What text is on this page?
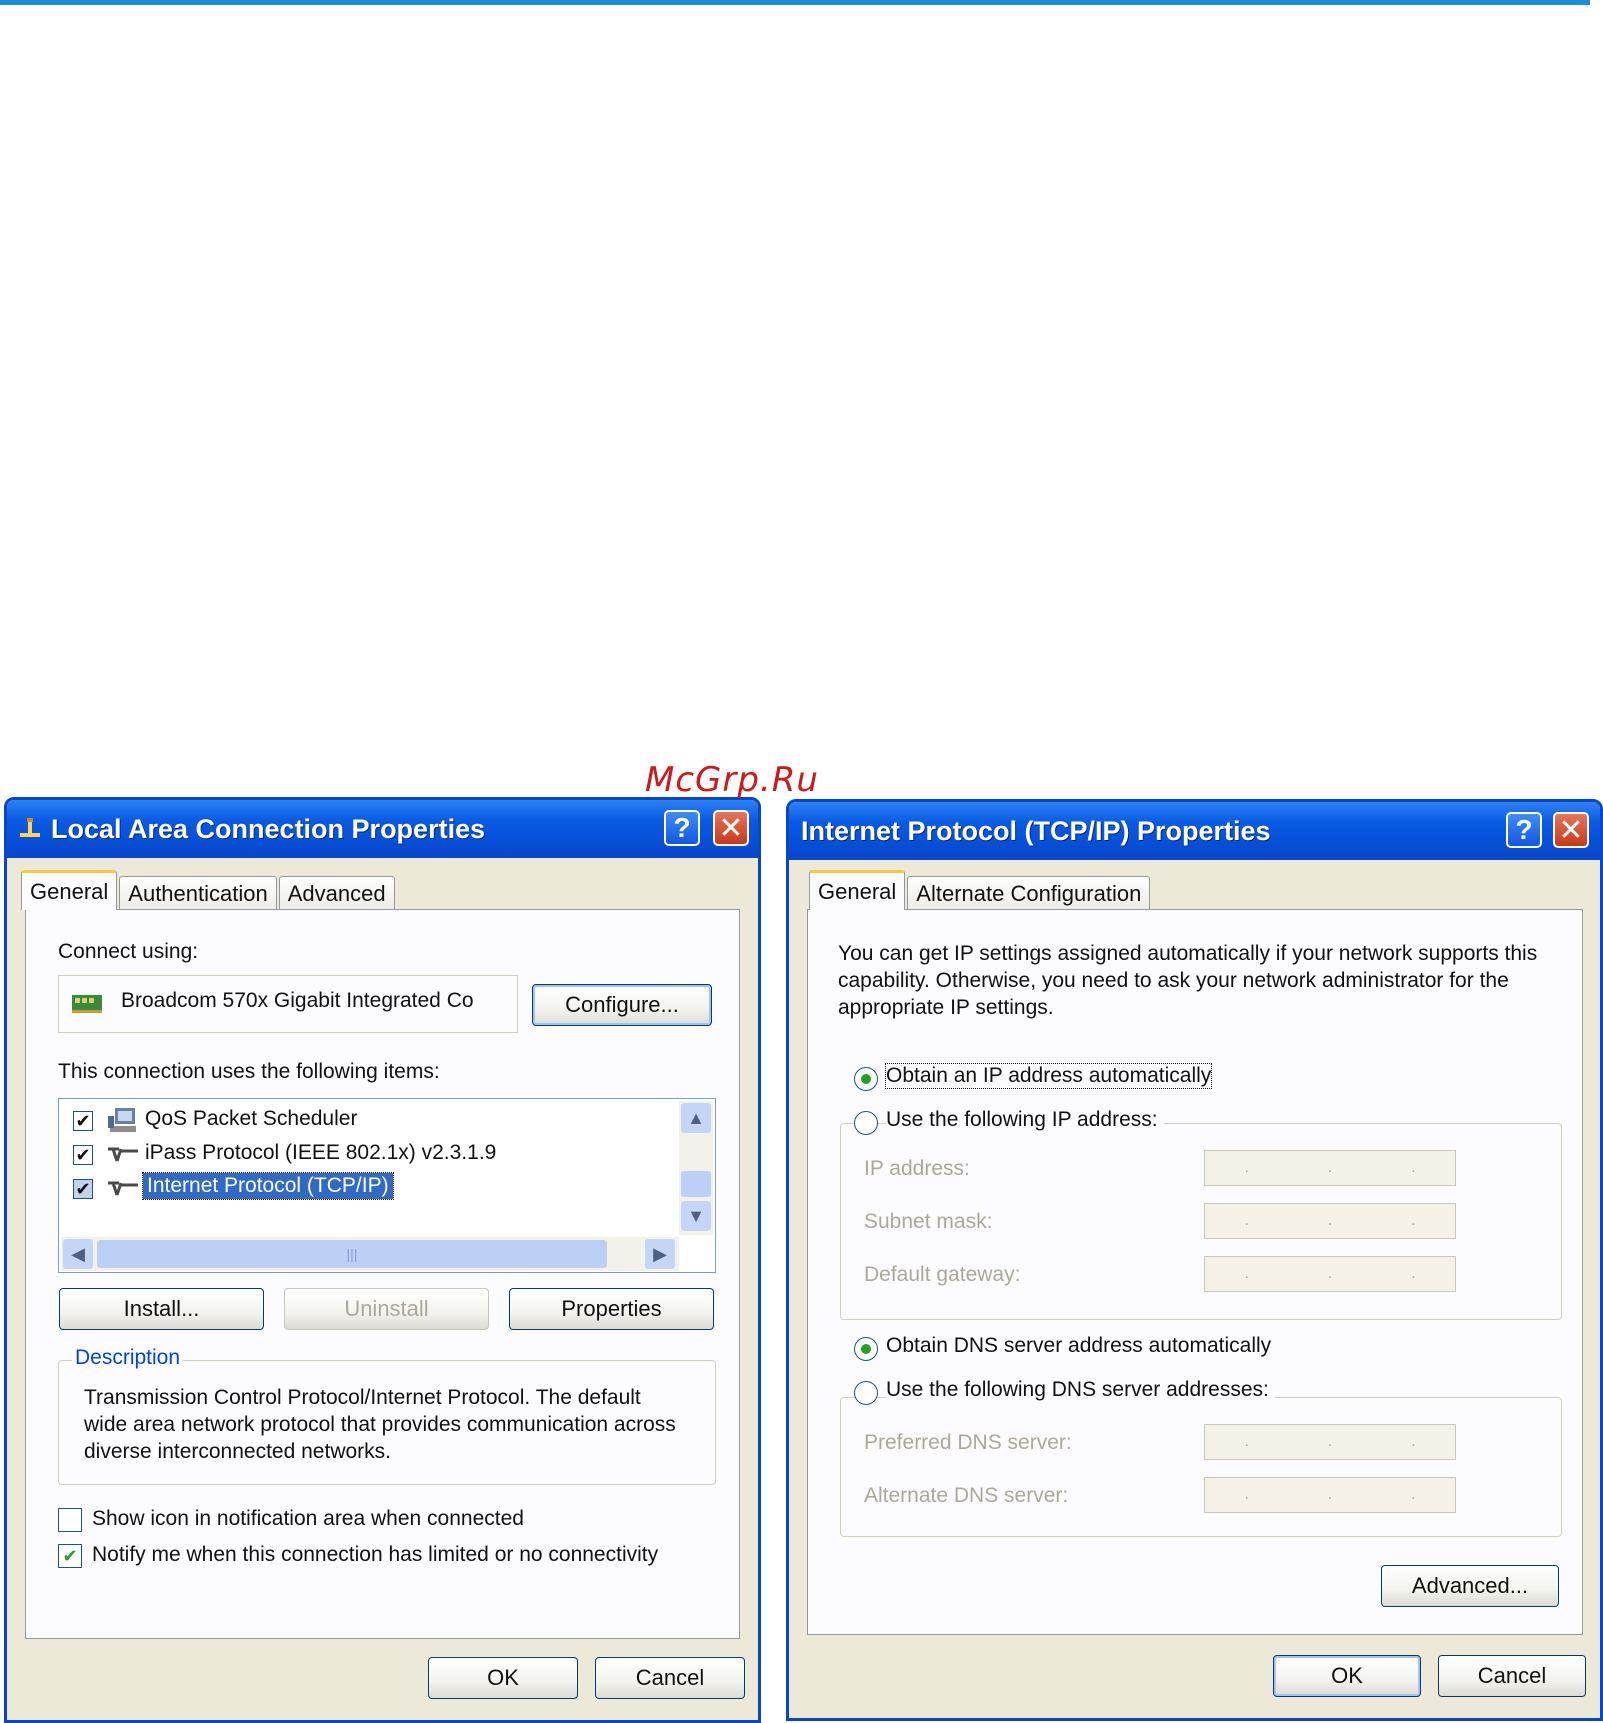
Local Area Connection Properties	? ✕
General Authentication Advanced
Connect using:
Broadcom 570x Gigabit Integrated Co	Configure...
This connection uses the following items:
✔	QoS Packet Scheduler
✔	iPass Protocol (IEEE 802.1x) v2.3.1.9
✔	Internet Protocol (TCP/IP)
▲
▼
◀	|||	▶
Install...	Uninstall	Properties
Description
Transmission Control Protocol/Internet Protocol. The default wide area network protocol that provides communication across diverse interconnected networks.
Show icon in notification area when connected
✔ Notify me when this connection has limited or no connectivity
OK	Cancel
Internet Protocol (TCP/IP) Properties	? ✕
General Alternate Configuration
You can get IP settings assigned automatically if your network supports this capability. Otherwise, you need to ask your network administrator for the appropriate IP settings.
Obtain an IP address automatically
Use the following IP address:
IP address:	.	.	.
Subnet mask:	.	.	.
Default gateway:	.	.	.
Obtain DNS server address automatically
Use the following DNS server addresses:
Preferred DNS server:	.	.	.
Alternate DNS server:	.	.	.
Advanced...
OK	Cancel
McGrp.Ru
